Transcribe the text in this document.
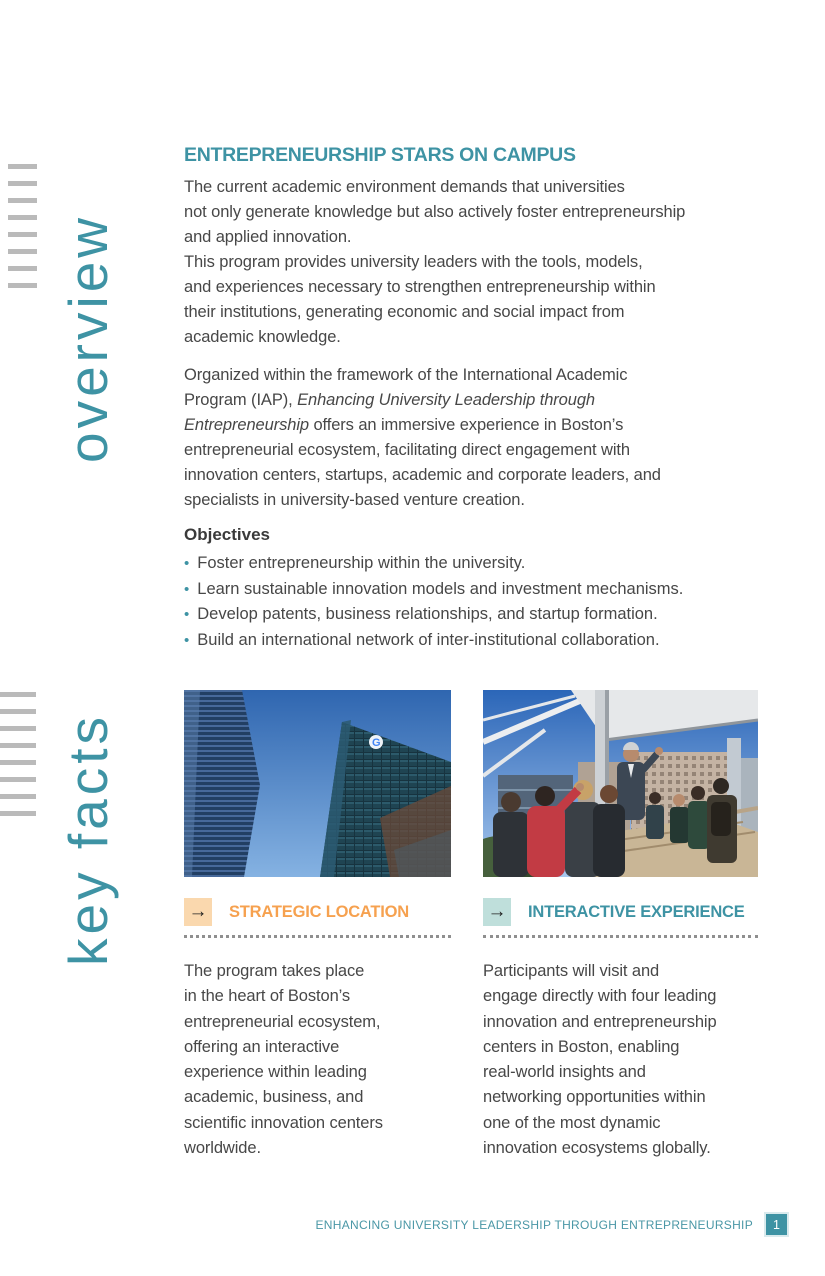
overview
ENTREPRENEURSHIP STARS ON CAMPUS
The current academic environment demands that universities
not only generate knowledge but also actively foster entrepreneurship
and applied innovation.
This program provides university leaders with the tools, models,
and experiences necessary to strengthen entrepreneurship within
their institutions, generating economic and social impact from
academic knowledge.
Organized within the framework of the International Academic
Program (IAP), Enhancing University Leadership through
Entrepreneurship offers an immersive experience in Boston’s
entrepreneurial ecosystem, facilitating direct engagement with
innovation centers, startups, academic and corporate leaders, and
specialists in university-based venture creation.
Objectives
• Foster entrepreneurship within the university.
• Learn sustainable innovation models and investment mechanisms.
• Develop patents, business relationships, and startup formation.
• Build an international network of inter-institutional collaboration.
key facts	G
→ STRATEGIC LOCATION
The program takes place
in the heart of Boston’s
entrepreneurial ecosystem,
offering an interactive
experience within leading
academic, business, and
scientific innovation centers
worldwide.
→ INTERACTIVE EXPERIENCE
Participants will visit and
engage directly with four leading
innovation and entrepreneurship
centers in Boston, enabling
real-world insights and
networking opportunities within
one of the most dynamic
innovation ecosystems globally.
ENHANCING UNIVERSITY LEADERSHIP THROUGH ENTREPRENEURSHIP	1
